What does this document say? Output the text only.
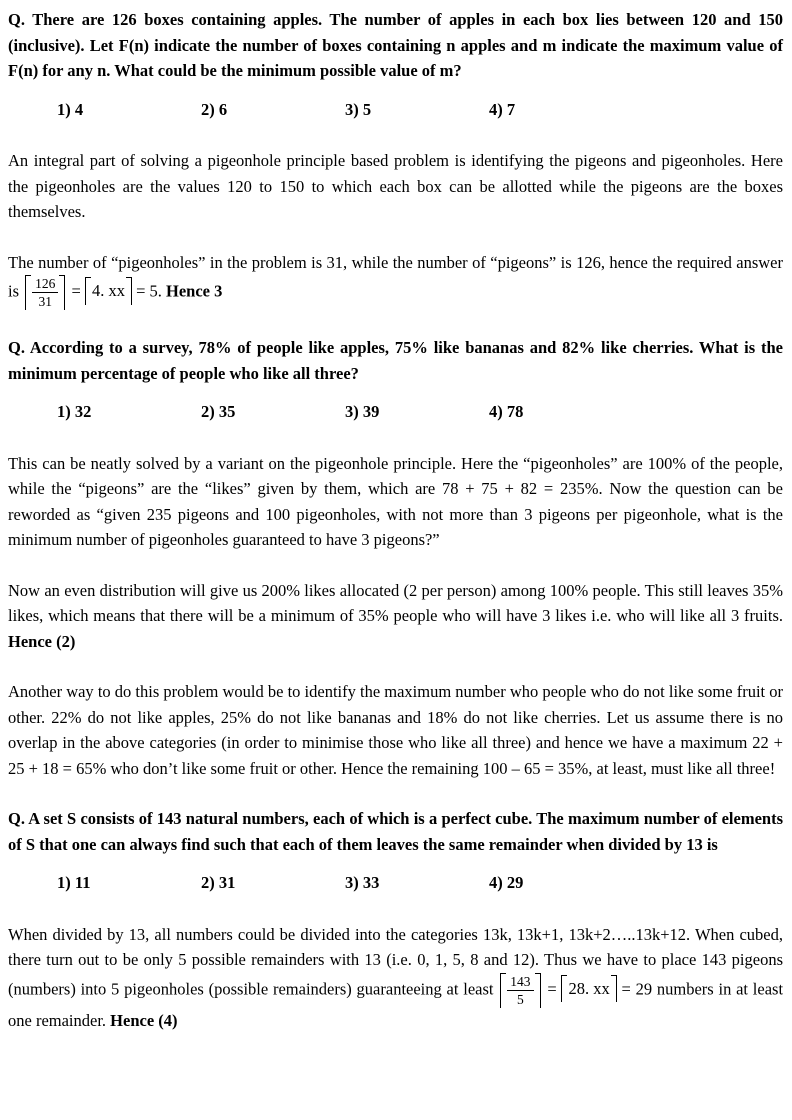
Q. There are 126 boxes containing apples. The number of apples in each box lies between 120 and 150 (inclusive). Let F(n) indicate the number of boxes containing n apples and m indicate the maximum value of F(n) for any n. What could be the minimum possible value of m?

1) 4	2) 6	3) 5	4) 7

An integral part of solving a pigeonhole principle based problem is identifying the pigeons and pigeonholes. Here the pigeonholes are the values 120 to 150 to which each box can be allotted while the pigeons are the boxes themselves.

The number of “pigeonholes” in the problem is 31, while the number of “pigeons” is 126, hence the required answer is $\frac{126}{31} = 4$. xx = 5. Hence 3

Q. According to a survey, 78% of people like apples, 75% like bananas and 82% like cherries. What is the minimum percentage of people who like all three?

1) 32	2) 35	3) 39	4) 78

This can be neatly solved by a variant on the pigeonhole principle. Here the “pigeonholes” are 100% of the people, while the “pigeons” are the “likes” given by them, which are 78 + 75 + 82 = 235%. Now the question can be reworded as “given 235 pigeons and 100 pigeonholes, with not more than 3 pigeons per pigeonhole, what is the minimum number of pigeonholes guaranteed to have 3 pigeons?”

Now an even distribution will give us 200% likes allocated (2 per person) among 100% people. This still leaves 35% likes, which means that there will be a minimum of 35% people who will have 3 likes i.e. who will like all 3 fruits. Hence (2)

Another way to do this problem would be to identify the maximum number who people who do not like some fruit or other. 22% do not like apples, 25% do not like bananas and 18% do not like cherries. Let us assume there is no overlap in the above categories (in order to minimise those who like all three) and hence we have a maximum 22 + 25 + 18 = 65% who don’t like some fruit or other. Hence the remaining 100 – 65 = 35%, at least, must like all three!

Q. A set S consists of 143 natural numbers, each of which is a perfect cube. The maximum number of elements of S that one can always find such that each of them leaves the same remainder when divided by 13 is

1) 11	2) 31	3) 33	4) 29

When divided by 13, all numbers could be divided into the categories 13k, 13k+1, 13k+2…..13k+12. When cubed, there turn out to be only 5 possible remainders with 13 (i.e. 0, 1, 5, 8 and 12). Thus we have to place 143 pigeons (numbers) into 5 pigeonholes (possible remainders) guaranteeing at least $\frac{143}{5} = 28$. xx = 29 numbers in at least one remainder. Hence (4)
